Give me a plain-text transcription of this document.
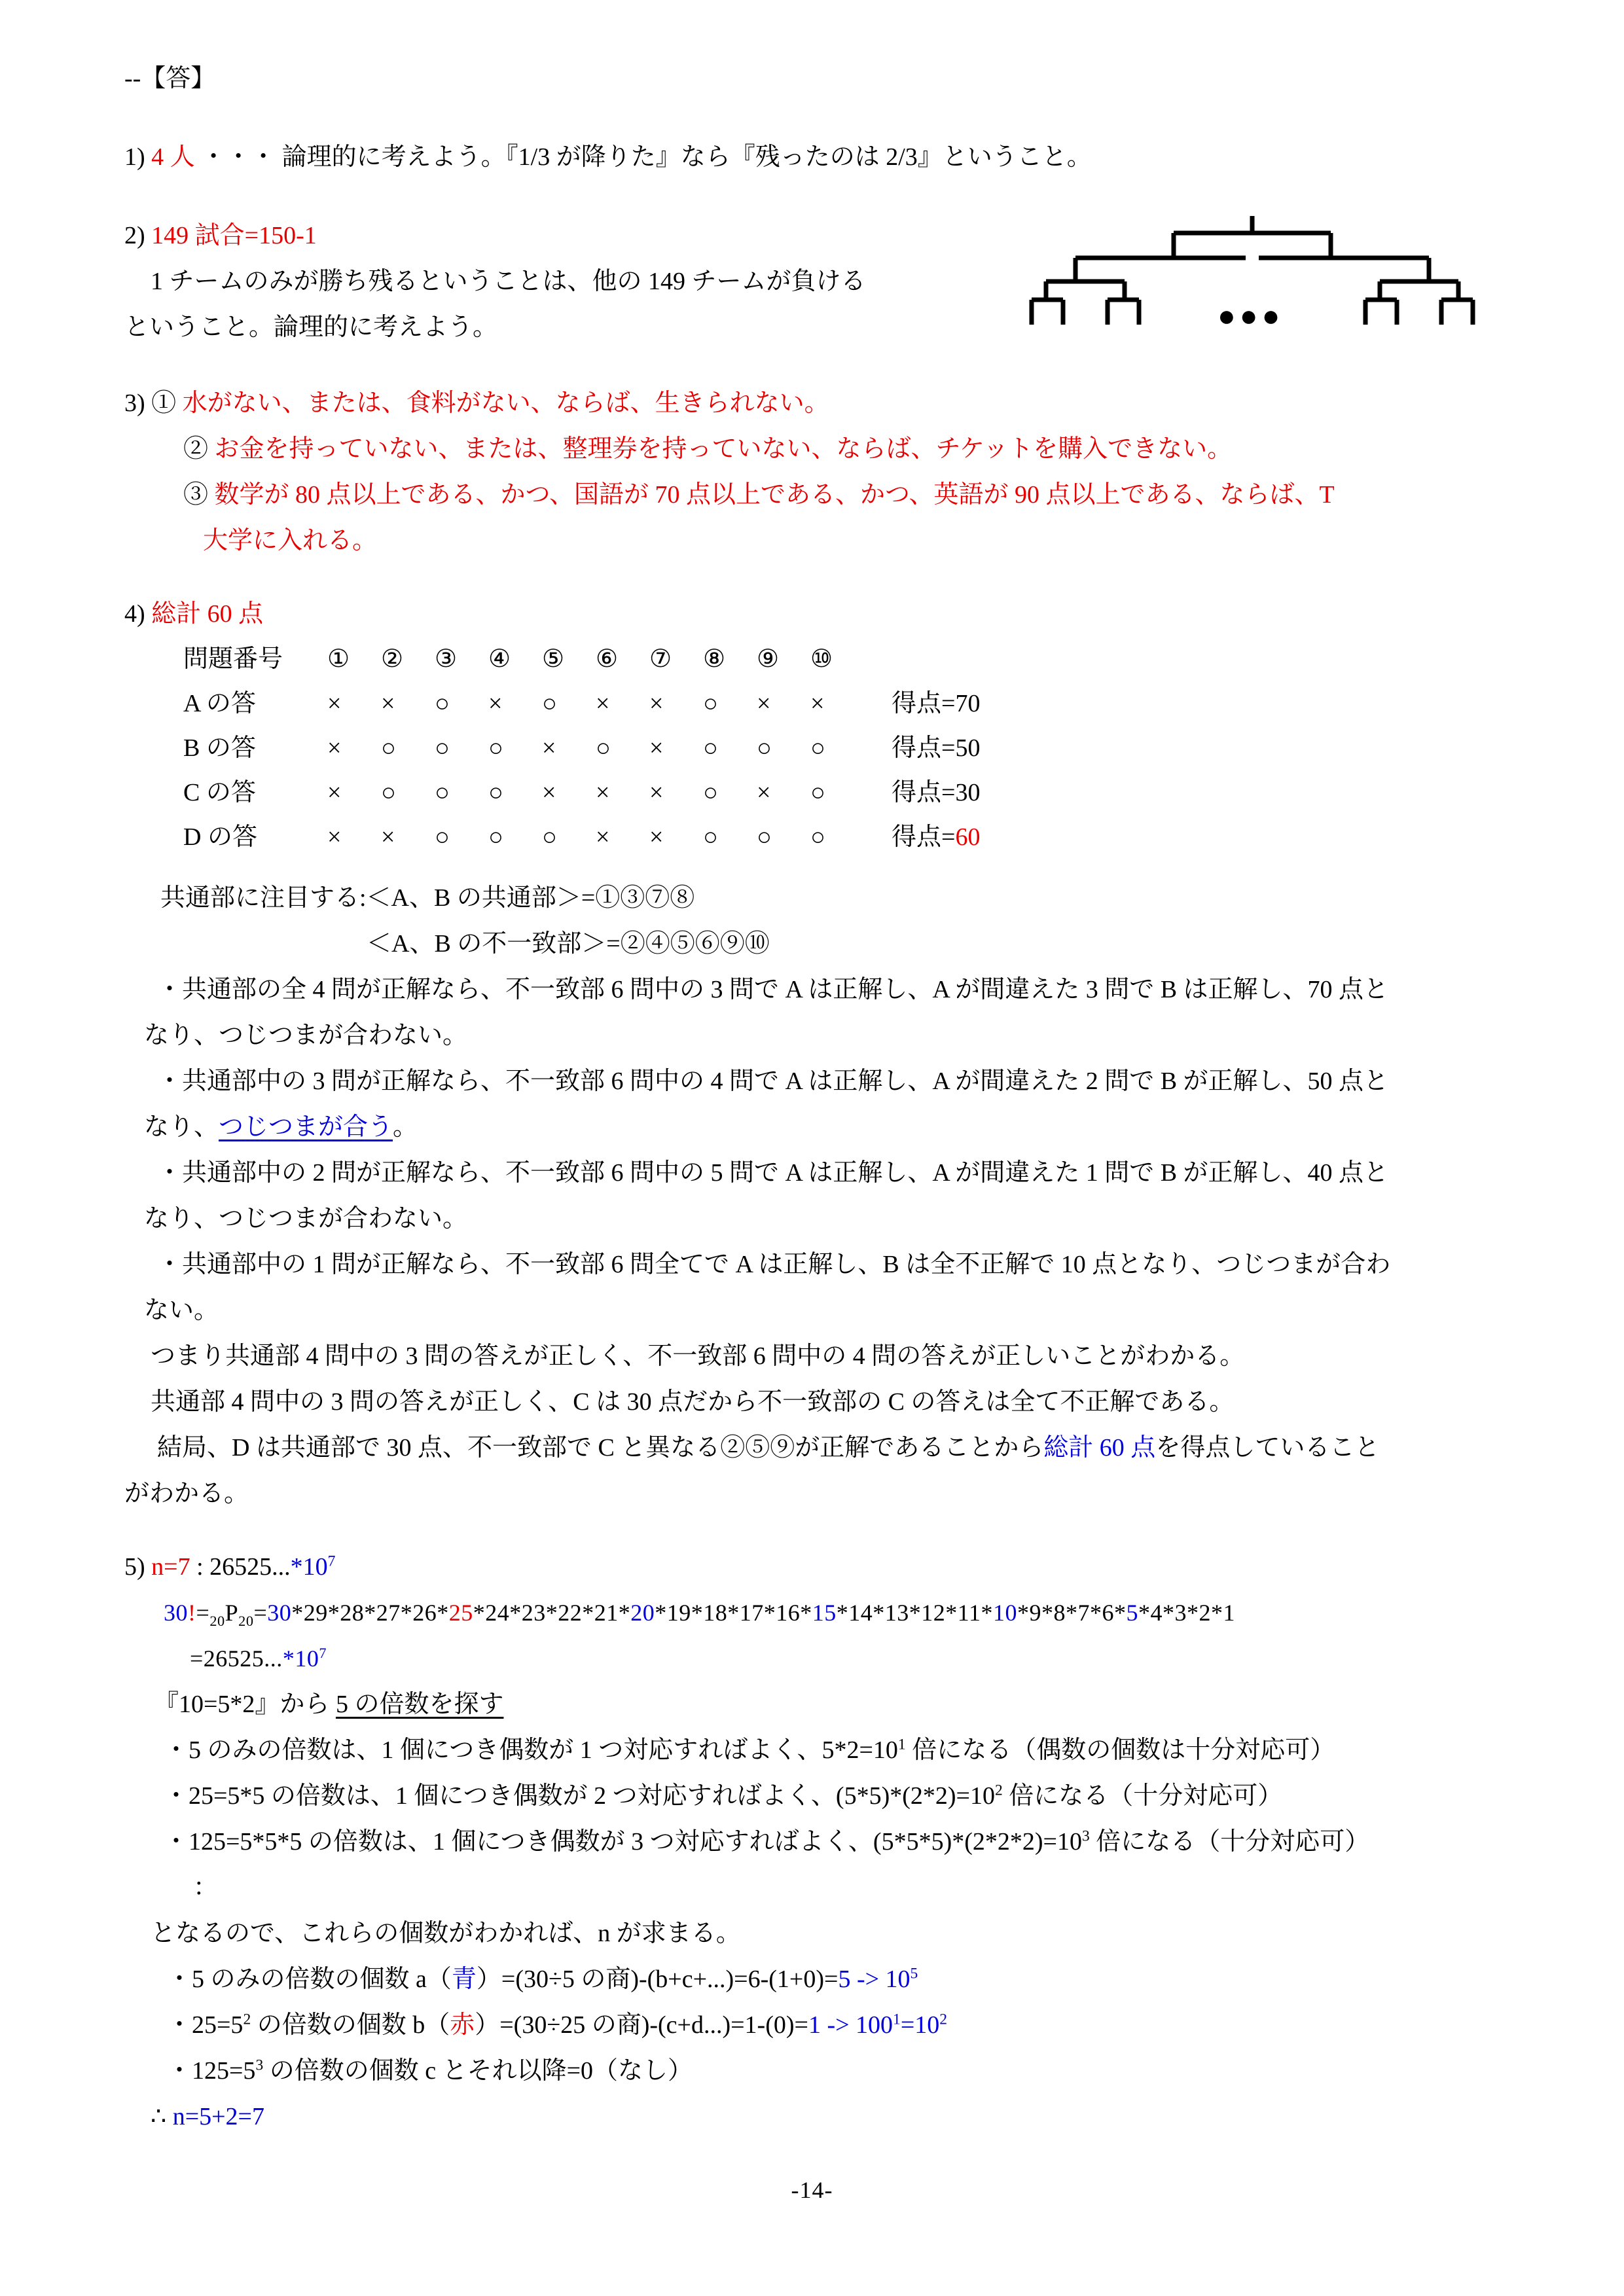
--【答】

1) 4 人 ・・・ 論理的に考えよう。『1/3 が降りた』なら『残ったのは 2/3』ということ。

2) 149 試合=150-1

1 チームのみが勝ち残るということは、他の 149 チームが負ける

ということ。論理的に考えよう。

3) ① 水がない、または、食料がない、ならば、生きられない。

② お金を持っていない、または、整理券を持っていない、ならば、チケットを購入できない。

③ 数学が 80 点以上である、かつ、国語が 70 点以上である、かつ、英語が 90 点以上である、ならば、T

大学に入れる。

4) 総計 60 点

問題番号	①	②	③	④	⑤	⑥	⑦	⑧	⑨	⑩
A の答	×	×	○	×	○	×	×	○	×	×	得点=70
B の答	×	○	○	○	×	○	×	○	○	○	得点=50
C の答	×	○	○	○	×	×	×	○	×	○	得点=30
D の答	×	×	○	○	○	×	×	○	○	○	得点=60

共通部に注目する:＜A、B の共通部＞=①③⑦⑧

＜A、B の不一致部＞=②④⑤⑥⑨⑩

・共通部の全 4 問が正解なら、不一致部 6 問中の 3 問で A は正解し、A が間違えた 3 問で B は正解し、70 点と

なり、つじつまが合わない。

・共通部中の 3 問が正解なら、不一致部 6 問中の 4 問で A は正解し、A が間違えた 2 問で B が正解し、50 点と

なり、つじつまが合う。

・共通部中の 2 問が正解なら、不一致部 6 問中の 5 問で A は正解し、A が間違えた 1 問で B が正解し、40 点と

なり、つじつまが合わない。

・共通部中の 1 問が正解なら、不一致部 6 問全てで A は正解し、B は全不正解で 10 点となり、つじつまが合わ

ない。

つまり共通部 4 問中の 3 問の答えが正しく、不一致部 6 問中の 4 問の答えが正しいことがわかる。

共通部 4 問中の 3 問の答えが正しく、C は 30 点だから不一致部の C の答えは全て不正解である。

結局、D は共通部で 30 点、不一致部で C と異なる②⑤⑨が正解であることから総計 60 点を得点していること

がわかる。

5) n=7 : $26525...*10^7$

$30!=_{20}P_{20}=30*29*28*27*26*25*24*23*22*21*20*19*18*17*16*15*14*13*12*11*10*9*8*7*6*5*4*3*2*1$

$=26525...*10^7$

『10=5*2』から 5 の倍数を探す

・5 のみの倍数は、1 個につき偶数が 1 つ対応すればよく、$5*2=10^1$ 倍になる（偶数の個数は十分対応可）

・25=5*5 の倍数は、1 個につき偶数が 2 つ対応すればよく、$(5*5)*(2*2)=10^2$ 倍になる（十分対応可）

・125=5*5*5 の倍数は、1 個につき偶数が 3 つ対応すればよく、$(5*5*5)*(2*2*2)=10^3$ 倍になる（十分対応可）

：

となるので、これらの個数がわかれば、n が求まる。

・5 のみの倍数の個数 a（青）=(30÷5 の商)$-(b+c+...)=6-(1+0)=5 -> 10^5$

・$25=5^2$ の倍数の個数 b（赤）=(30÷25 の商)$-(c+d...)=1-(0)=1 -> 100^1=10^2$

・$125=5^3$ の倍数の個数 c とそれ以降=0（なし）

∴ n=5+2=7

●●●
-14-
